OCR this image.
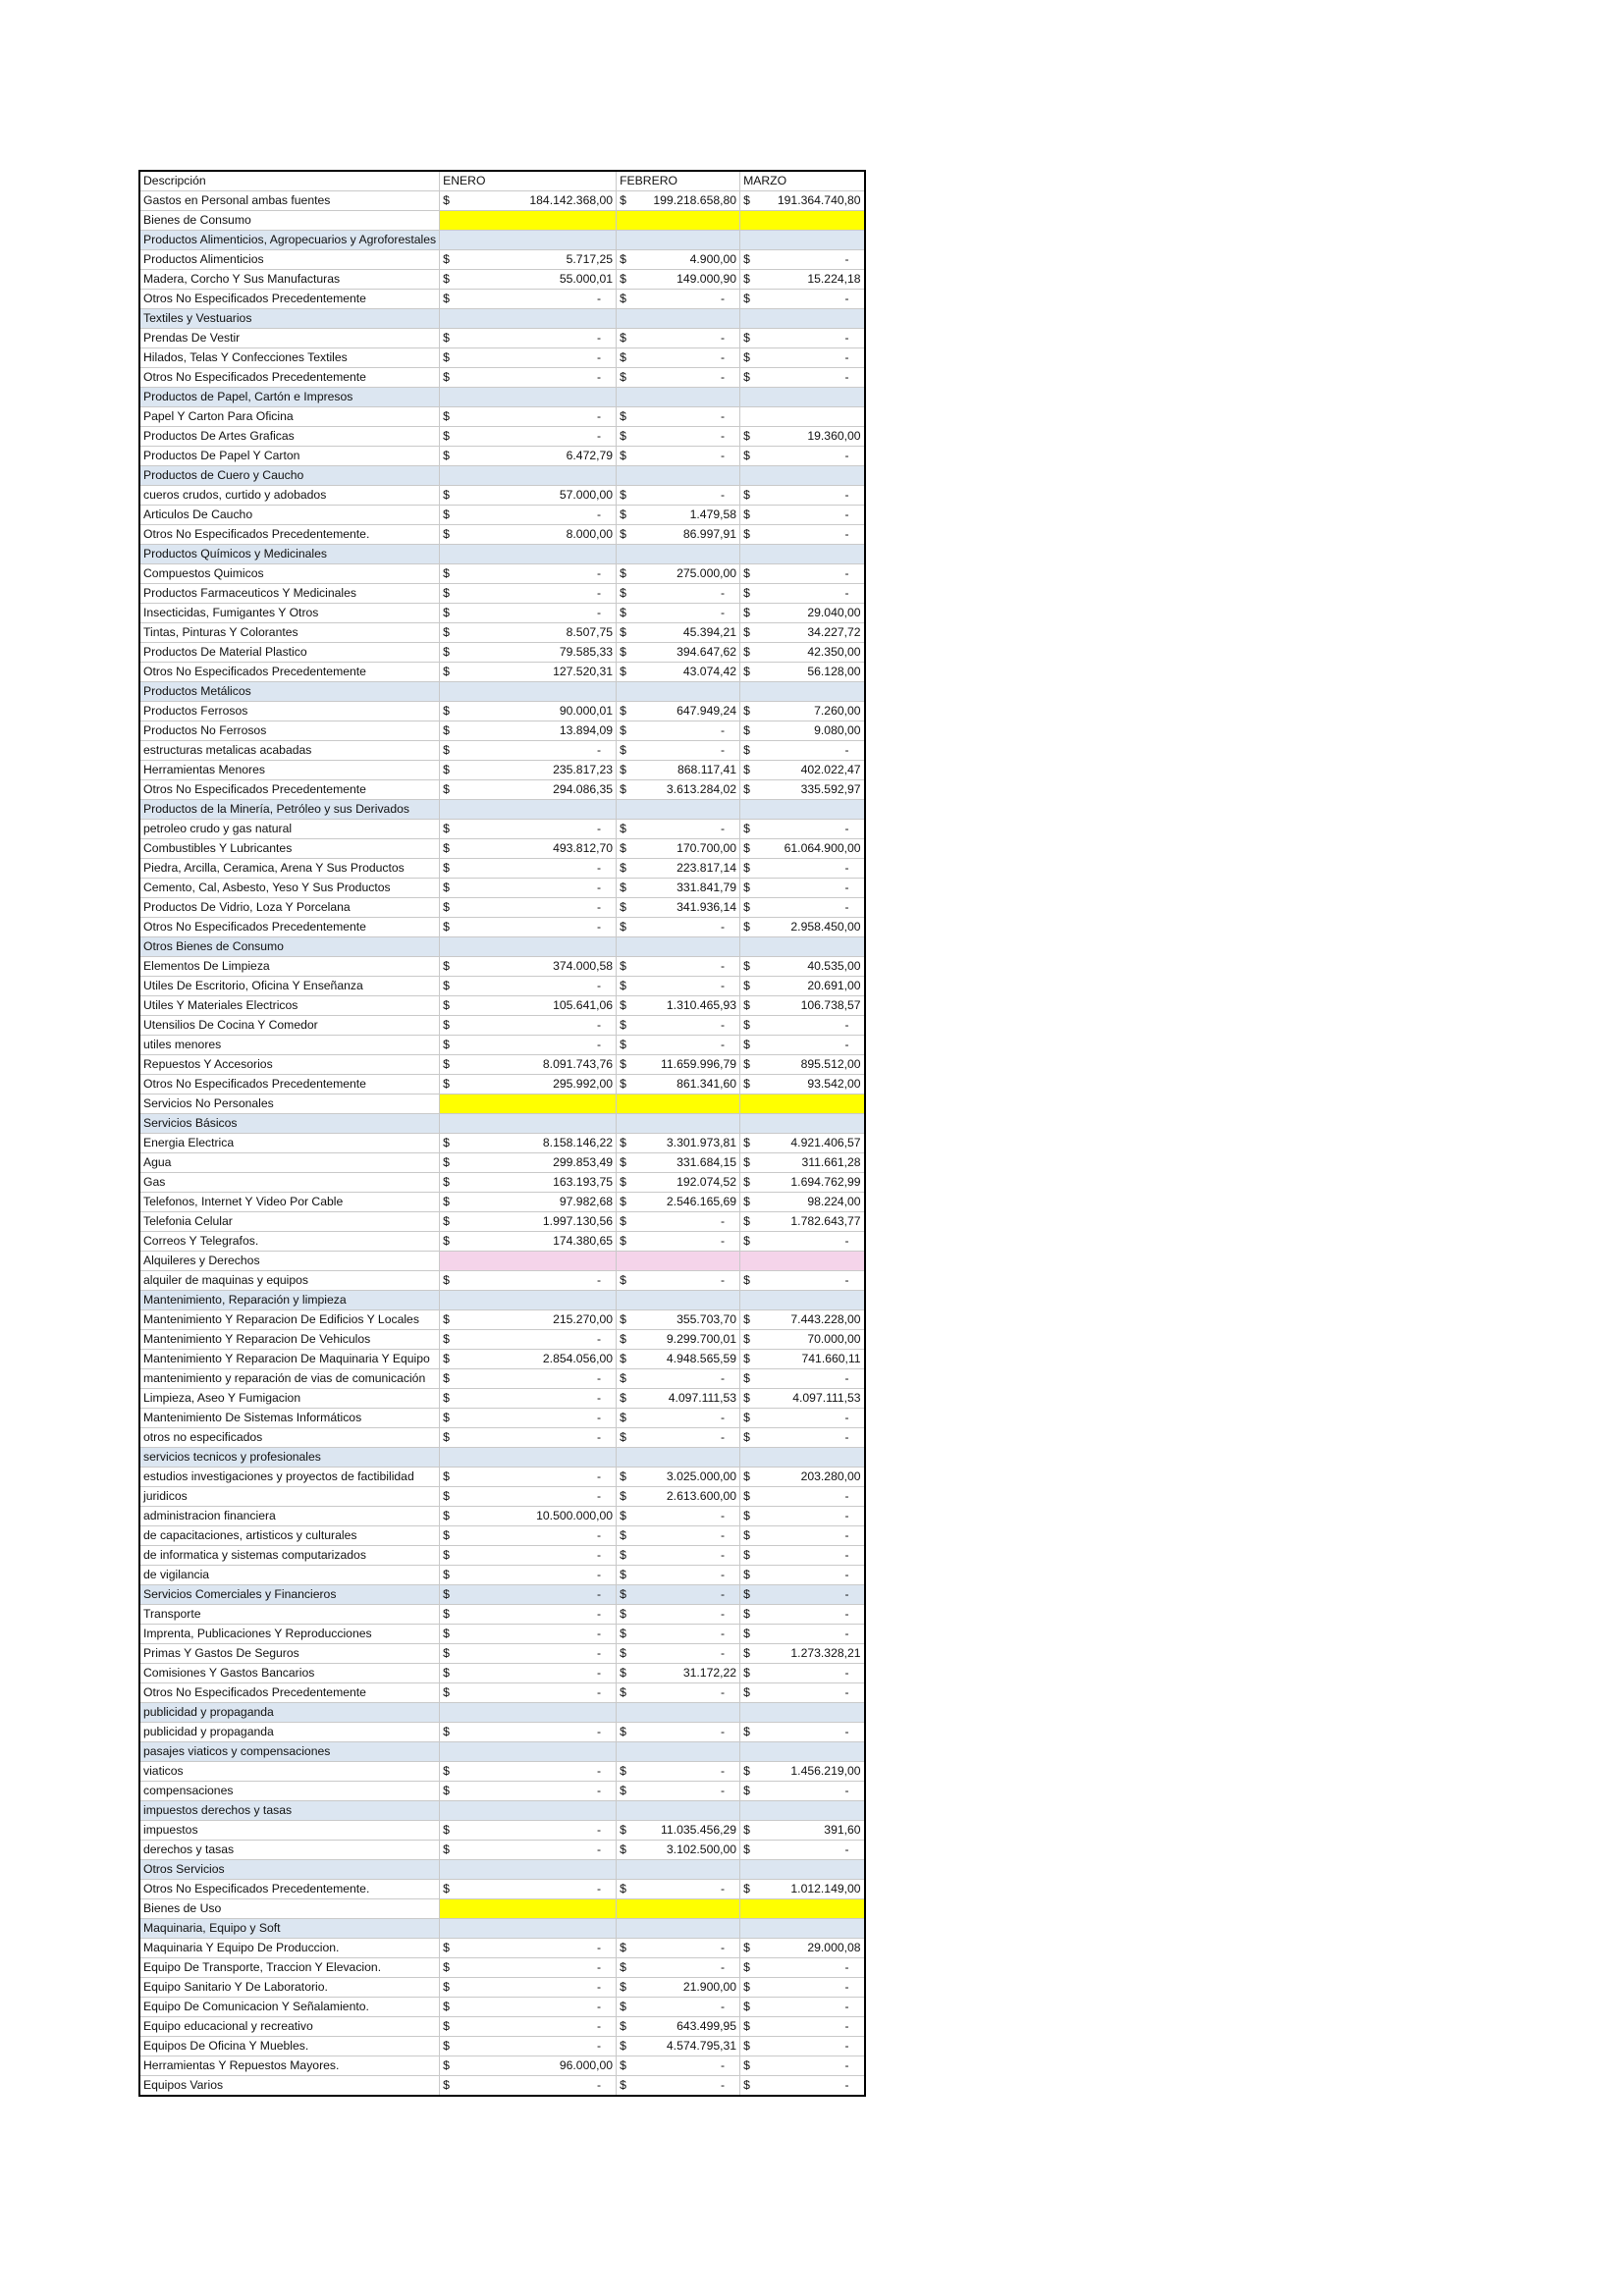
Descripción	ENERO	FEBRERO	MARZO
Gastos en Personal ambas fuentes	$ 184.142.368,00	$ 199.218.658,80	$ 191.364.740,80

Bienes de Consumo			
Productos Alimenticios, Agropecuarios y Agroforestales			
Productos Alimenticios	$ 5.717,25	$ 4.900,00	$ -

Madera, Corcho Y Sus Manufacturas	$ 55.000,01	$ 149.000,90	$ 15.224,18

Otros No Especificados Precedentemente	$ -	$ -	$ -

Textiles y Vestuarios			
Prendas De Vestir	$ -	$ -	$ -

Hilados, Telas Y Confecciones Textiles	$ -	$ -	$ -

Otros No Especificados Precedentemente	$ -	$ -	$ -

Productos de Papel, Cartón e Impresos			
Papel Y Carton Para Oficina	$ -	$ -	

Productos De Artes Graficas	$ -	$ -	$ 19.360,00

Productos De Papel Y Carton	$ 6.472,79	$ -	$ -

Productos de Cuero y Caucho			
cueros crudos, curtido y adobados	$ 57.000,00	$ -	$ -

Articulos De Caucho	$ -	$ 1.479,58	$ -

Otros No Especificados Precedentemente.	$ 8.000,00	$ 86.997,91	$ -

Productos Químicos y Medicinales			
Compuestos Quimicos	$ -	$ 275.000,00	$ -

Productos Farmaceuticos Y Medicinales	$ -	$ -	$ -

Insecticidas, Fumigantes Y Otros	$ -	$ -	$ 29.040,00

Tintas, Pinturas Y Colorantes	$ 8.507,75	$ 45.394,21	$ 34.227,72

Productos De Material Plastico	$ 79.585,33	$ 394.647,62	$ 42.350,00

Otros No Especificados Precedentemente	$ 127.520,31	$ 43.074,42	$ 56.128,00

Productos Metálicos			
Productos Ferrosos	$ 90.000,01	$ 647.949,24	$ 7.260,00

Productos No Ferrosos	$ 13.894,09	$ -	$ 9.080,00

estructuras metalicas acabadas	$ -	$ -	$ -

Herramientas Menores	$ 235.817,23	$ 868.117,41	$ 402.022,47

Otros No Especificados Precedentemente	$ 294.086,35	$ 3.613.284,02	$ 335.592,97

Productos de la Minería, Petróleo y sus Derivados			
petroleo crudo y gas natural	$ -	$ -	$ -

Combustibles Y Lubricantes	$ 493.812,70	$ 170.700,00	$ 61.064.900,00

Piedra, Arcilla, Ceramica, Arena Y Sus Productos	$ -	$ 223.817,14	$ -

Cemento, Cal, Asbesto, Yeso Y Sus Productos	$ -	$ 331.841,79	$ -

Productos De Vidrio, Loza Y Porcelana	$ -	$ 341.936,14	$ -

Otros No Especificados Precedentemente	$ -	$ -	$ 2.958.450,00

Otros Bienes de Consumo			
Elementos De Limpieza	$ 374.000,58	$ -	$ 40.535,00

Utiles De Escritorio, Oficina Y Enseñanza	$ -	$ -	$ 20.691,00

Utiles Y Materiales Electricos	$ 105.641,06	$ 1.310.465,93	$ 106.738,57

Utensilios De Cocina Y Comedor	$ -	$ -	$ -

utiles menores	$ -	$ -	$ -

Repuestos Y Accesorios	$ 8.091.743,76	$ 11.659.996,79	$ 895.512,00

Otros No Especificados Precedentemente	$ 295.992,00	$ 861.341,60	$ 93.542,00

Servicios No Personales			
Servicios Básicos			
Energia Electrica	$ 8.158.146,22	$ 3.301.973,81	$ 4.921.406,57

Agua	$ 299.853,49	$ 331.684,15	$ 311.661,28

Gas	$ 163.193,75	$ 192.074,52	$ 1.694.762,99

Telefonos, Internet Y Video Por Cable	$ 97.982,68	$ 2.546.165,69	$ 98.224,00

Telefonia Celular	$ 1.997.130,56	$ -	$ 1.782.643,77

Correos Y Telegrafos.	$ 174.380,65	$ -	$ -

Alquileres y Derechos			
alquiler de maquinas y equipos	$ -	$ -	$ -

Mantenimiento, Reparación y limpieza			
Mantenimiento Y Reparacion De Edificios Y Locales	$ 215.270,00	$ 355.703,70	$ 7.443.228,00

Mantenimiento Y Reparacion De Vehiculos	$ -	$ 9.299.700,01	$ 70.000,00

Mantenimiento Y Reparacion De Maquinaria Y Equipo	$ 2.854.056,00	$ 4.948.565,59	$ 741.660,11

mantenimiento y reparación de vias de comunicación	$ -	$ -	$ -

Limpieza, Aseo Y Fumigacion	$ -	$ 4.097.111,53	$ 4.097.111,53

Mantenimiento De Sistemas Informáticos	$ -	$ -	$ -

otros no especificados	$ -	$ -	$ -

servicios tecnicos y profesionales			
estudios investigaciones y proyectos de factibilidad	$ -	$ 3.025.000,00	$ 203.280,00

juridicos	$ -	$ 2.613.600,00	$ -

administracion financiera	$ 10.500.000,00	$ -	$ -

de capacitaciones, artisticos y culturales	$ -	$ -	$ -

de informatica y sistemas computarizados	$ -	$ -	$ -

de vigilancia	$ -	$ -	$ -

Servicios Comerciales y Financieros	$ -	$ -	$ -

Transporte	$ -	$ -	$ -

Imprenta, Publicaciones Y Reproducciones	$ -	$ -	$ -

Primas Y Gastos De Seguros	$ -	$ -	$ 1.273.328,21

Comisiones Y Gastos Bancarios	$ -	$ 31.172,22	$ -

Otros No Especificados Precedentemente	$ -	$ -	$ -

publicidad y propaganda			
publicidad y propaganda	$ -	$ -	$ -

pasajes viaticos y compensaciones			
viaticos	$ -	$ -	$ 1.456.219,00

compensaciones	$ -	$ -	$ -

impuestos derechos y tasas			
impuestos	$ -	$ 11.035.456,29	$ 391,60

derechos y tasas	$ -	$ 3.102.500,00	$ -

Otros Servicios			
Otros No Especificados Precedentemente.	$ -	$ -	$ 1.012.149,00

Bienes de Uso			
Maquinaria, Equipo y Soft			
Maquinaria Y Equipo De Produccion.	$ -	$ -	$ 29.000,08

Equipo De Transporte, Traccion Y Elevacion.	$ -	$ -	$ -

Equipo Sanitario Y De Laboratorio.	$ -	$ 21.900,00	$ -

Equipo De Comunicacion Y Señalamiento.	$ -	$ -	$ -

Equipo educacional y recreativo	$ -	$ 643.499,95	$ -

Equipos De Oficina Y Muebles.	$ -	$ 4.574.795,31	$ -

Herramientas Y Repuestos Mayores.	$ 96.000,00	$ -	$ -

Equipos Varios	$ -	$ -	$ -
